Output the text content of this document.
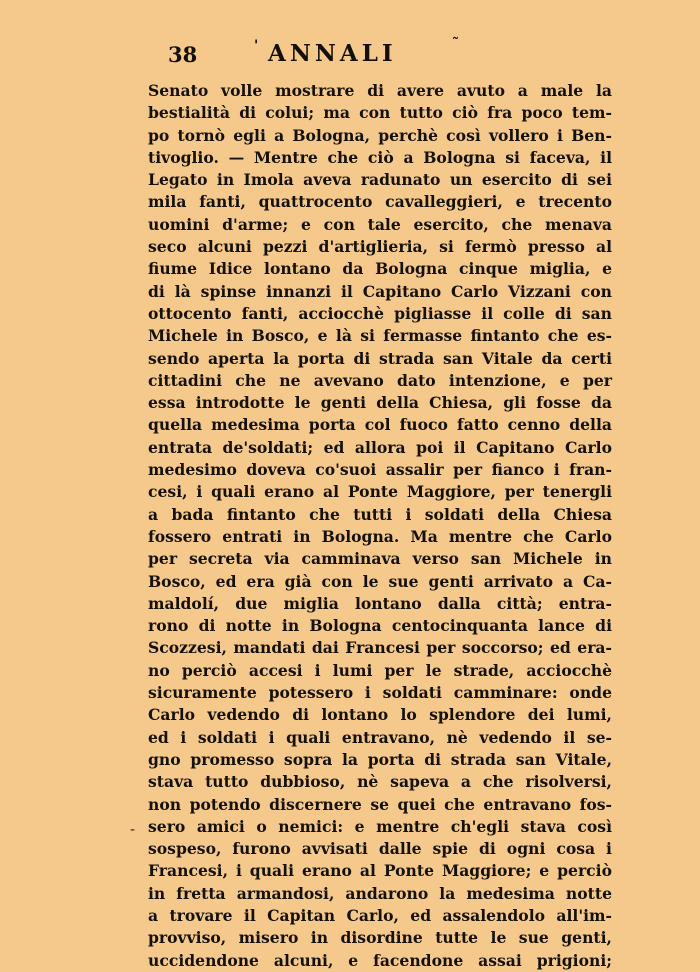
38	' ANNALI	˜
Senato volle mostrare di avere avuto a male la
bestialità di colui; ma con tutto ciò fra poco tem-
po tornò egli a Bologna, perchè così vollero i Ben-
tivoglio. — Mentre che ciò a Bologna si faceva, il
Legato in Imola aveva radunato un esercito di sei
mila fanti, quattrocento cavalleggieri, e trecento
uomini d'arme; e con tale esercito, che menava
seco alcuni pezzi d'artiglieria, si fermò presso al
fiume Idice lontano da Bologna cinque miglia, e
di là spinse innanzi il Capitano Carlo Vizzani con
ottocento fanti, acciocchè pigliasse il colle di san
Michele in Bosco, e là si fermasse fintanto che es-
sendo aperta la porta di strada san Vitale da certi
cittadini che ne avevano dato intenzione, e per
essa introdotte le genti della Chiesa, gli fosse da
quella medesima porta col fuoco fatto cenno della
entrata de'soldati; ed allora poi il Capitano Carlo
medesimo doveva co'suoi assalir per fianco i fran-
cesi, i quali erano al Ponte Maggiore, per tenergli
a bada fintanto che tutti i soldati della Chiesa
fossero entrati in Bologna. Ma mentre che Carlo
per secreta via camminava verso san Michele in
Bosco, ed era già con le sue genti arrivato a Ca-
maldolí, due miglia lontano dalla città; entra-
rono di notte in Bologna centocinquanta lance di
Scozzesi, mandati dai Francesi per soccorso; ed era-
no perciò accesi i lumi per le strade, acciocchè
sicuramente potessero i soldati camminare: onde
Carlo vedendo di lontano lo splendore dei lumi,
ed i soldati i quali entravano, nè vedendo il se-
gno promesso sopra la porta di strada san Vitale,
stava tutto dubbioso, nè sapeva a che risolversi,
non potendo discernere se quei che entravano fos-
sero amici o nemici: e mentre ch'egli stava così
sospeso, furono avvisati dalle spie di ogni cosa i
Francesi, i quali erano al Ponte Maggiore; e perciò
in fretta armandosi, andarono la medesima notte
a trovare il Capitan Carlo, ed assalendolo all'im-
provviso, misero in disordine tutte le sue genti,
uccidendone alcuni, e facendone assai prigioni;
-
